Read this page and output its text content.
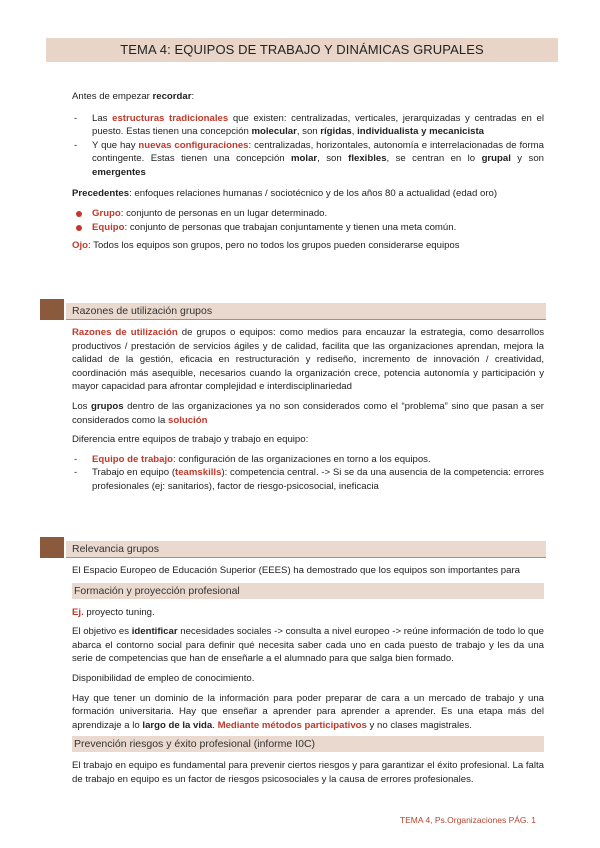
TEMA 4: EQUIPOS DE TRABAJO Y DINÁMICAS GRUPALES

Antes de empezar recordar:

- Las estructuras tradicionales que existen: centralizadas, verticales, jerarquizadas y centradas en el puesto. Estas tienen una concepción molecular, son rígidas, individualista y mecanicista
- Y que hay nuevas configuraciones: centralizadas, horizontales, autonomía e interrelacionadas de forma contingente. Estas tienen una concepción molar, son flexibles, se centran en lo grupal y son emergentes

Precedentes: enfoques relaciones humanas / sociotécnico y de los años 80 a actualidad (edad oro)

Grupo: conjunto de personas en un lugar determinado.
Equipo: conjunto de personas que trabajan conjuntamente y tienen una meta común.

Ojo: Todos los equipos son grupos, pero no todos los grupos pueden considerarse equipos

Razones de utilización grupos

Razones de utilización de grupos o equipos: como medios para encauzar la estrategia, como desarrollos productivos / prestación de servicios ágiles y de calidad, facilita que las organizaciones aprendan, mejora la calidad de la gestión, eficacia en restructuración y rediseño, incremento de innovación / creatividad, coordinación más asequible, necesarios cuando la organización crece, potencia autonomía y participación y mayor capacidad para afrontar complejidad e interdisciplinariedad

Los grupos dentro de las organizaciones ya no son considerados como el “problema” sino que pasan a ser considerados como la solución

Diferencia entre equipos de trabajo y trabajo en equipo:

- Equipo de trabajo: configuración de las organizaciones en torno a los equipos.
- Trabajo en equipo (teamskills): competencia central. -> Si se da una ausencia de la competencia: errores profesionales (ej: sanitarios), factor de riesgo-psicosocial, ineficacia
Relevancia grupos

El Espacio Europeo de Educación Superior (EEES) ha demostrado que los equipos son importantes para

Formación y proyección profesional

Ej. proyecto tuning.

El objetivo es identificar necesidades sociales -> consulta a nivel europeo -> reúne información de todo lo que abarca el contorno social para definir qué necesita saber cada uno en cada puesto de trabajo y les da una serie de competencias que han de enseñarle a el alumnado para que salga bien formado.

Disponibilidad de empleo de conocimiento.

Hay que tener un dominio de la información para poder preparar de cara a un mercado de trabajo y una formación universitaria. Hay que enseñar a aprender para aprender a aprender. Es una etapa más del aprendizaje a lo largo de la vida. Mediante métodos participativos y no clases magistrales.

Prevención riesgos y éxito profesional (informe I0C)

El trabajo en equipo es fundamental para prevenir ciertos riesgos y para garantizar el éxito profesional. La falta de trabajo en equipo es un factor de riesgos psicosociales y la causa de errores profesionales.

TEMA 4, Ps.Organizaciones PÁG. 1
